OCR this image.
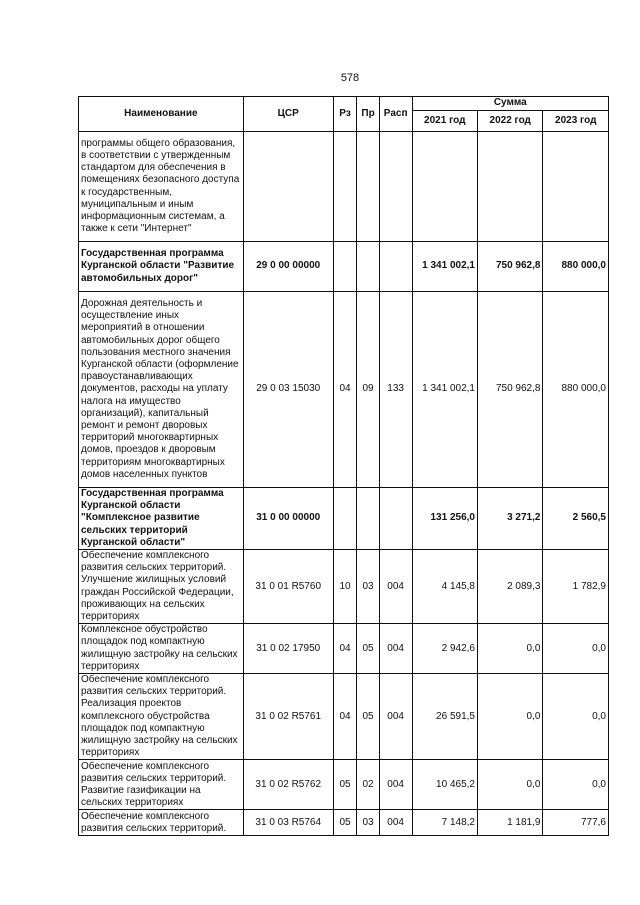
578
Наименование	ЦСР	Рз	Пр	Расп	Сумма		
					2021 год	2022 год	2023 год
программы общего образования, в соответствии с утвержденным стандартом для обеспечения в помещениях безопасного доступа к государственным, муниципальным и иным информационным системам, а также к сети "Интернет"							
Государственная программа Курганской области "Развитие автомобильных дорог"	29 0 00 00000				1 341 002,1	750 962,8	880 000,0
Дорожная деятельность и осуществление иных мероприятий в отношении автомобильных дорог общего пользования местного значения Курганской области (оформление правоустанавливающих документов, расходы на уплату налога на имущество организаций), капитальный ремонт и ремонт дворовых территорий многоквартирных домов, проездов к дворовым территориям многоквартирных домов населенных пунктов	29 0 03 15030	04	09	133	1 341 002,1	750 962,8	880 000,0
Государственная программа Курганской области "Комплексное развитие сельских территорий Курганской области"	31 0 00 00000				131 256,0	3 271,2	2 560,5
Обеспечение комплексного развития сельских территорий. Улучшение жилищных условий граждан Российской Федерации, проживающих на сельских территориях	31 0 01 R5760	10	03	004	4 145,8	2 089,3	1 782,9
Комплексное обустройство площадок под компактную жилищную застройку на сельских территориях	31 0 02 17950	04	05	004	2 942,6	0,0	0,0
Обеспечение комплексного развития сельских территорий. Реализация проектов комплексного обустройства площадок под компактную жилищную застройку на сельских территориях	31 0 02 R5761	04	05	004	26 591,5	0,0	0,0
Обеспечение комплексного развития сельских территорий. Развитие газификации на сельских территориях	31 0 02 R5762	05	02	004	10 465,2	0,0	0,0
Обеспечение комплексного развития сельских территорий.	31 0 03 R5764	05	03	004	7 148,2	1 181,9	777,6
